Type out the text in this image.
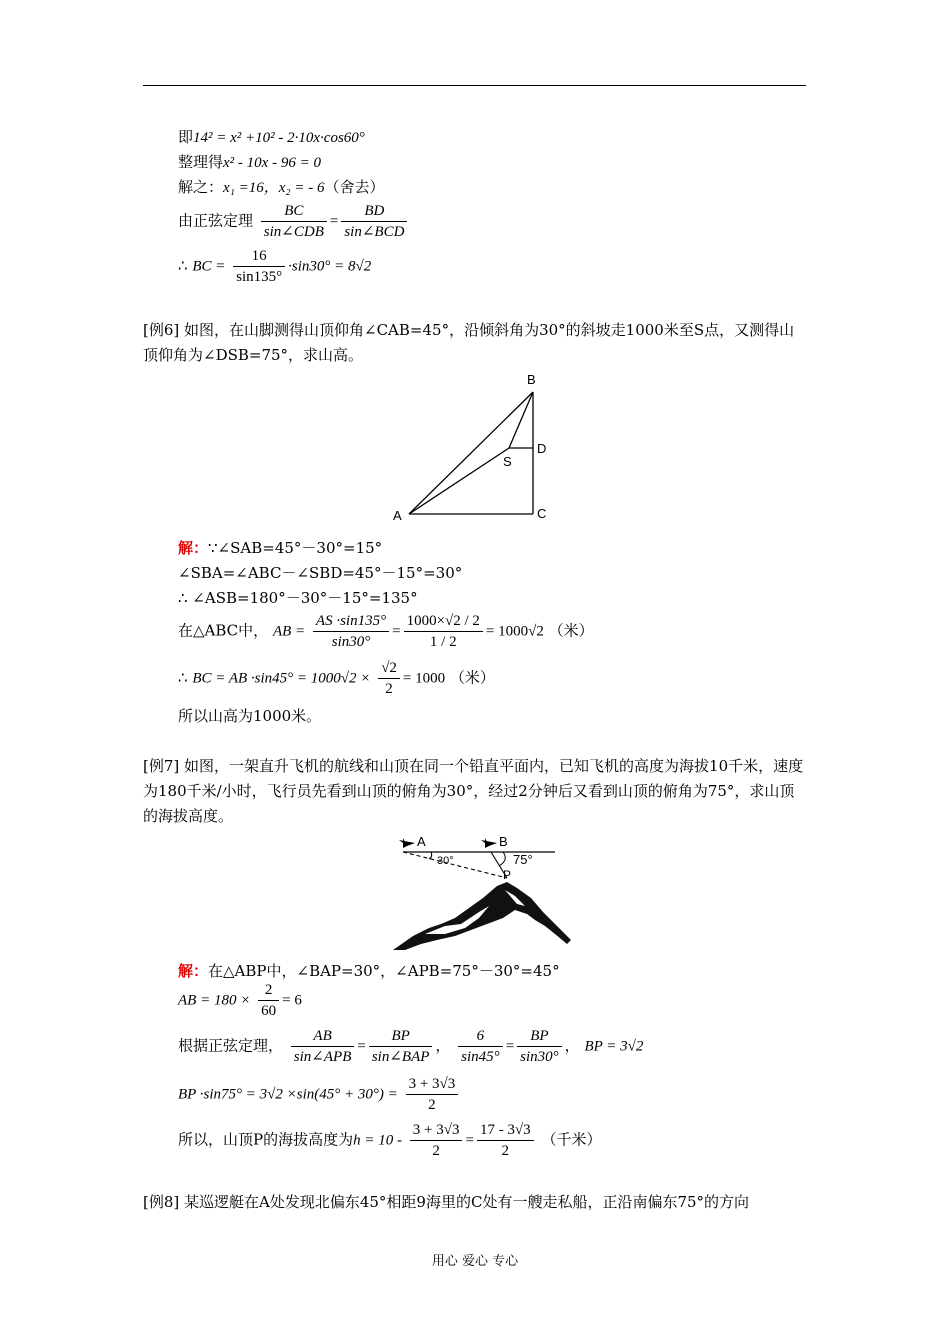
即14² = x² +10² - 2·10x·cos60°
整理得x² - 10x - 96 = 0
解之：x₁ =16，x₂ = - 6（舍去）
由正弦定理 $\frac{BC}{\text{sin∠CDB}} = \frac{BD}{\text{sin∠BCD}}$
∴ BC = $\frac{16}{\sin 135^\circ} \cdot\sin 30^\circ = 8√2$
[例6] 如图，在山脚测得山顶仰角∠CAB=45°，沿倾斜角为30°的斜坡走1000米至S点，又测得山顶仰角为∠DSB=75°，求山高。
A
B
C
D
S
解：∵∠SAB=45°－30°=15°
∠SBA=∠ABC－∠SBD=45°－15°=30°
∴ ∠ASB=180°－30°－15°=135°
在△ABC中， AB = $\frac{AS \cdot\sin 135^\circ}{\sin 30^\circ} = \frac{1000\times√2 / 2}{1 / 2} = 1000√2$ （米）
∴ BC = AB $\cdot\sin 45^\circ = 1000√2 \times \frac{√2}{2} = 1000$ （米）
所以山高为1000米。
[例7] 如图，一架直升飞机的航线和山顶在同一个铅直平面内，已知飞机的高度为海拔10千米，速度为180千米/小时，飞行员先看到山顶的俯角为30°，经过2分钟后又看到山顶的俯角为75°，求山顶的海拔高度。
A	B
30°	75°
P
解：在△ABP中，∠BAP=30°，∠APB=75°－30°=45°
AB = $180 \times \frac{2}{60} = 6$
根据正弦定理， $\frac{AB}{\text{sin∠APB}} = \frac{BP}{\text{sin∠BAP}}$ ， $\frac{6}{\sin 45^\circ} = \frac{BP}{\sin 30^\circ}$ ， BP = 3√2
BP $\cdot\sin 75^\circ = 3√2 \times\sin(45^\circ + 30^\circ) = \frac{3 + 3√3}{2}$
所以，山顶P的海拔高度为$h = 10 - \frac{3 + 3√3}{2} = \frac{17 - 3√3}{2}$ （千米）
[例8] 某巡逻艇在A处发现北偏东45°相距9海里的C处有一艘走私船，正沿南偏东75°的方向
用心 爱心 专心
